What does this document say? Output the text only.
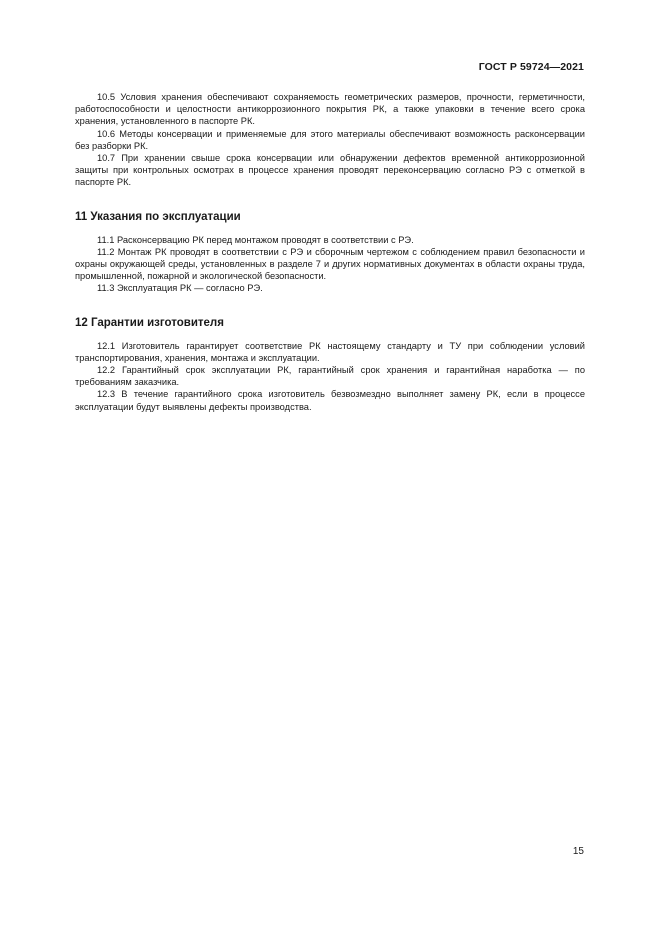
ГОСТ Р 59724—2021

10.5 Условия хранения обеспечивают сохраняемость геометрических размеров, прочности, герметичности, работоспособности и целостности антикоррозионного покрытия РК, а также упаковки в течение всего срока хранения, установленного в паспорте РК.

10.6 Методы консервации и применяемые для этого материалы обеспечивают возможность расконсервации без разборки РК.

10.7 При хранении свыше срока консервации или обнаружении дефектов временной антикоррозионной защиты при контрольных осмотрах в процессе хранения проводят переконсервацию согласно РЭ с отметкой в паспорте РК.

11 Указания по эксплуатации

11.1 Расконсервацию РК перед монтажом проводят в соответствии с РЭ.

11.2 Монтаж РК проводят в соответствии с РЭ и сборочным чертежом с соблюдением правил безопасности и охраны окружающей среды, установленных в разделе 7 и других нормативных документах в области охраны труда, промышленной, пожарной и экологической безопасности.

11.3 Эксплуатация РК — согласно РЭ.

12 Гарантии изготовителя

12.1 Изготовитель гарантирует соответствие РК настоящему стандарту и ТУ при соблюдении условий транспортирования, хранения, монтажа и эксплуатации.

12.2 Гарантийный срок эксплуатации РК, гарантийный срок хранения и гарантийная наработка — по требованиям заказчика.

12.3 В течение гарантийного срока изготовитель безвозмездно выполняет замену РК, если в процессе эксплуатации будут выявлены дефекты производства.

15
